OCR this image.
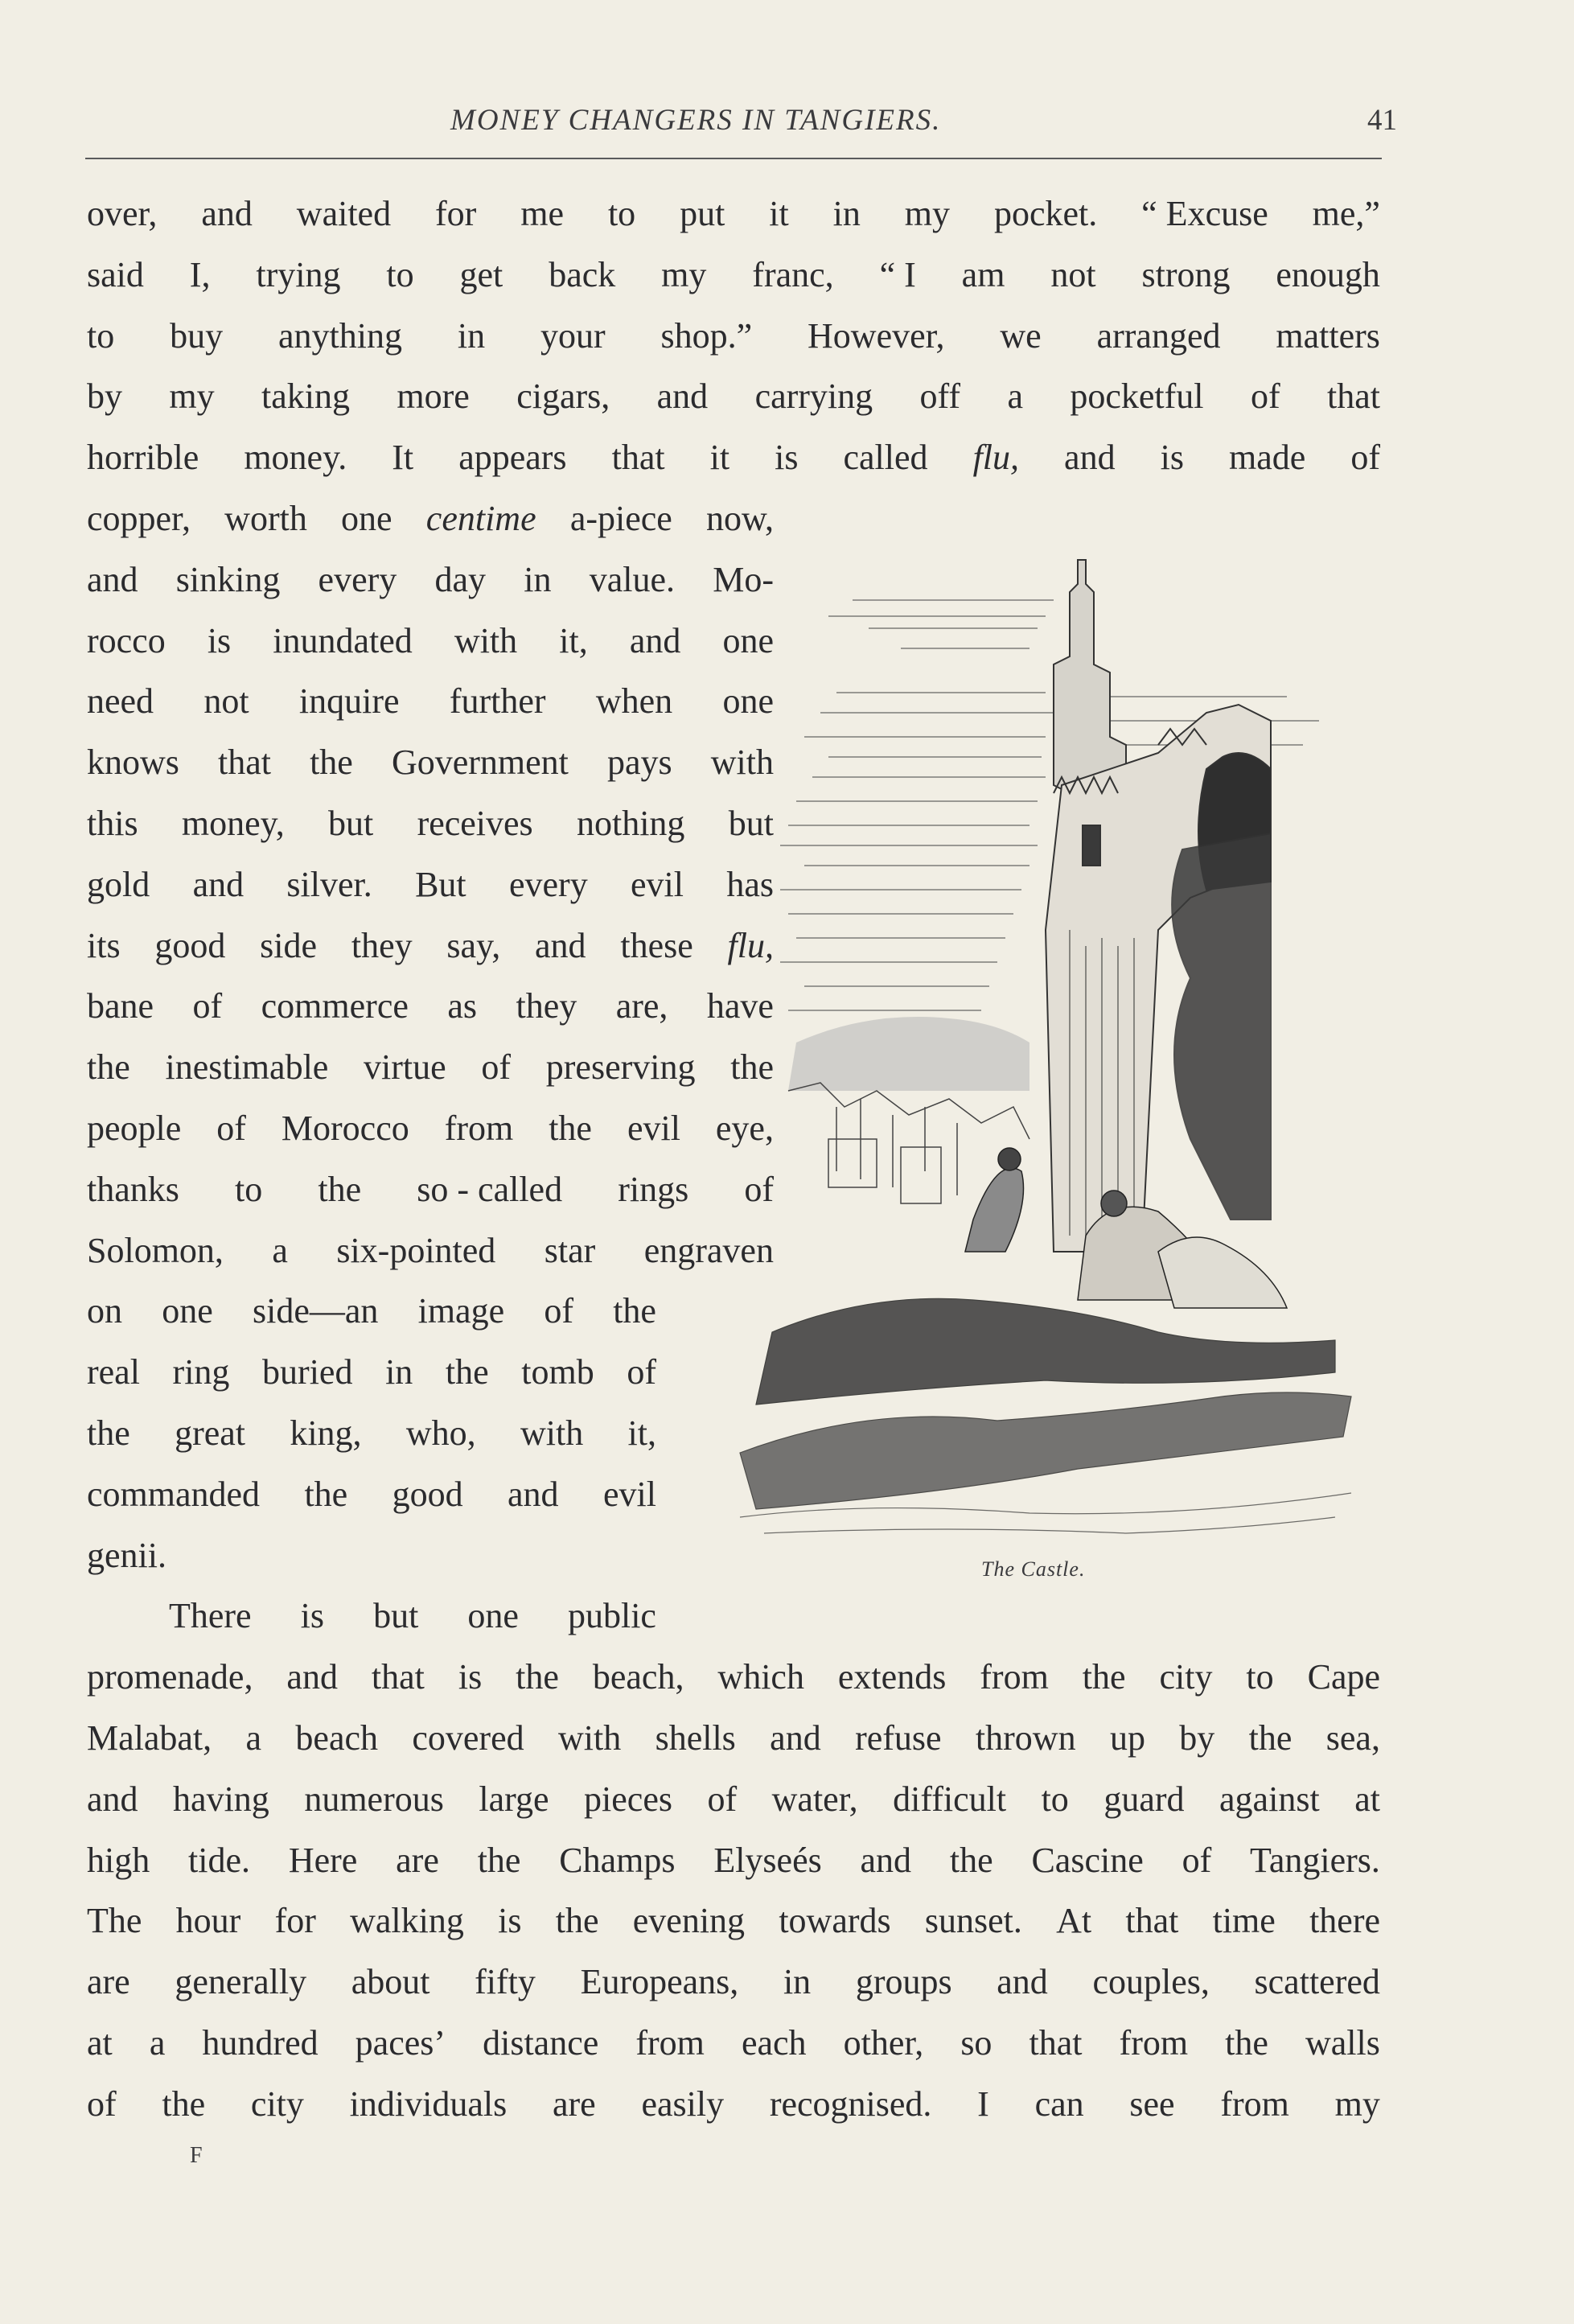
MONEY CHANGERS IN TANGIERS.	41
over, and waited for me to put it in my pocket. “ Excuse me,”
said I, trying to get back my franc, “ I am not strong enough
to buy anything in your shop.” However, we arranged matters
by my taking more cigars, and carrying off a pocketful of that
horrible money. It appears that it is called flu, and is made of
copper, worth one centime a-piece now,
and sinking every day in value. Mo-
rocco is inundated with it, and one
need not inquire further when one
knows that the Government pays with
this money, but receives nothing but
gold and silver. But every evil has
its good side they say, and these flu,
bane of commerce as they are, have
the inestimable virtue of preserving the
people of Morocco from the evil eye,
thanks to the so - called rings of
Solomon, a six-pointed star engraven
on one side—an image of the
real ring buried in the tomb of
the great king, who, with it,
commanded the good and evil
genii.
There is but one public
promenade, and that is the beach, which extends from the city to Cape
Malabat, a beach covered with shells and refuse thrown up by the sea,
and having numerous large pieces of water, difficult to guard against at
high tide. Here are the Champs Elyseés and the Cascine of Tangiers.
The hour for walking is the evening towards sunset. At that time there
are generally about fifty Europeans, in groups and couples, scattered
at a hundred paces’ distance from each other, so that from the walls
of the city individuals are easily recognised. I can see from my
The Castle.
F
